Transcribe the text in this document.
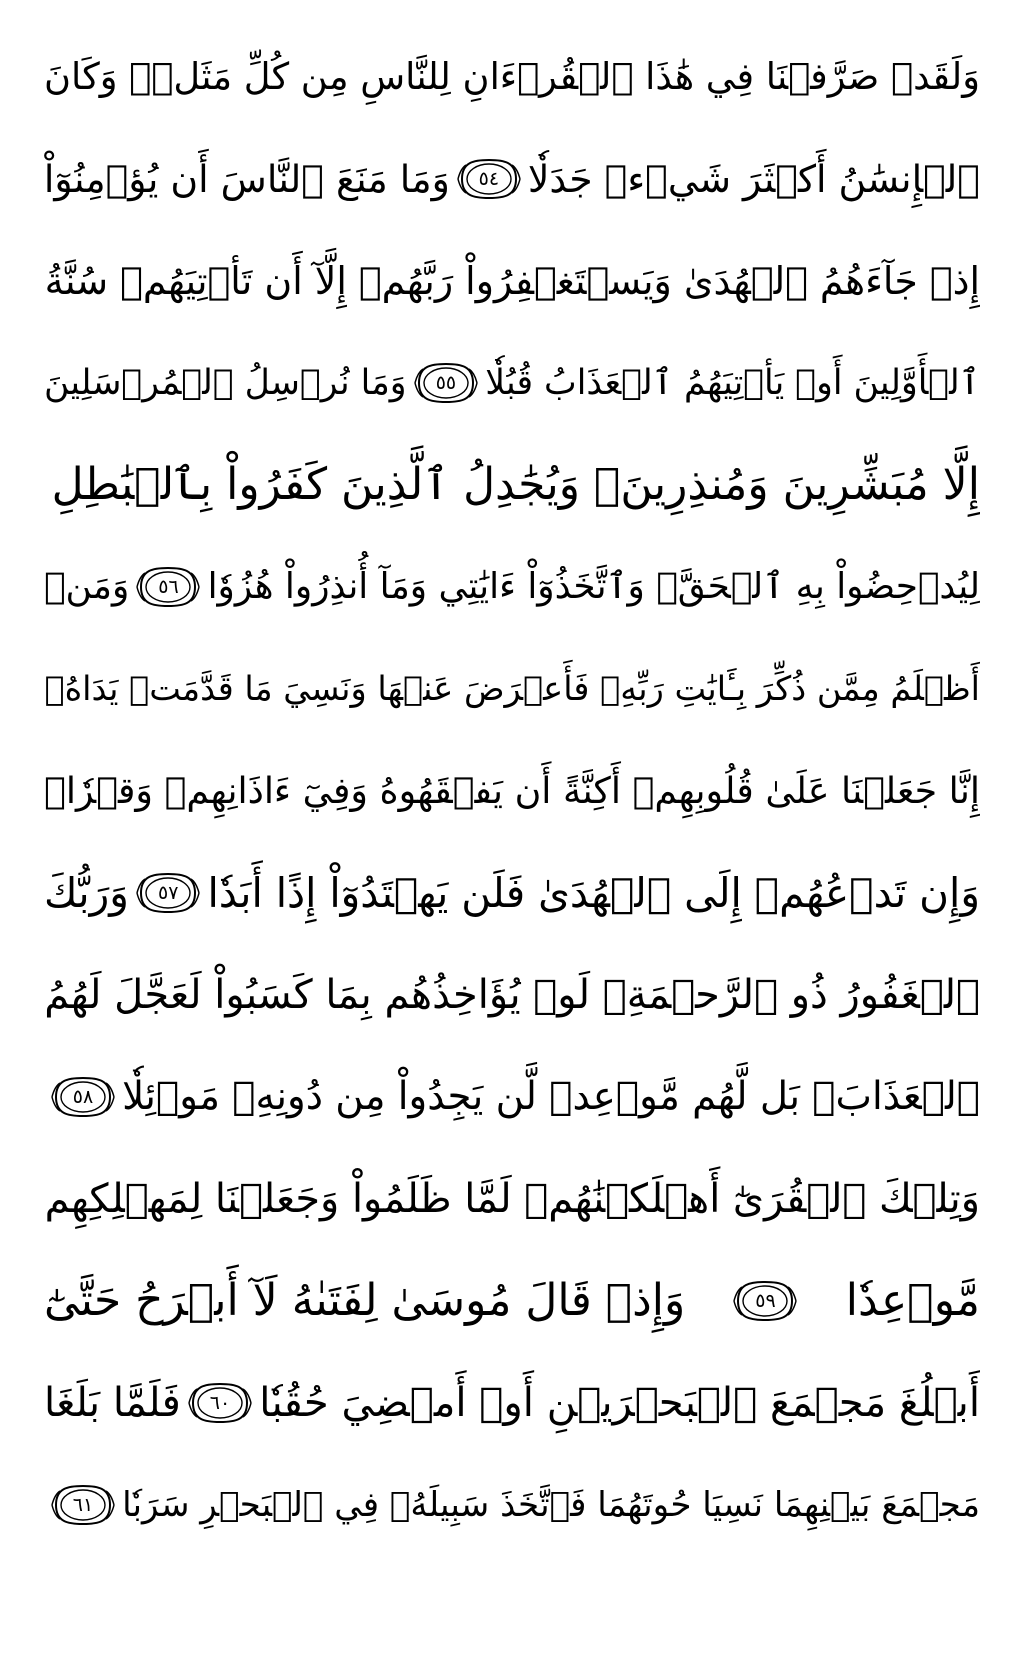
وَلَقَدۡ صَرَّفۡنَا فِي هَٰذَا ٱلۡقُرۡءَانِ لِلنَّاسِ مِن كُلِّ مَثَلٖۚ وَكَانَ
ٱلۡإِنسَٰنُ أَكۡثَرَ شَيۡءٖ جَدَلٗا
٥٤
وَمَا مَنَعَ ٱلنَّاسَ أَن يُؤۡمِنُوٓاْ
إِذۡ جَآءَهُمُ ٱلۡهُدَىٰ وَيَسۡتَغۡفِرُواْ رَبَّهُمۡ إِلَّآ أَن تَأۡتِيَهُمۡ سُنَّةُ
ٱلۡأَوَّلِينَ أَوۡ يَأۡتِيَهُمُ ٱلۡعَذَابُ قُبُلٗا
٥٥
وَمَا نُرۡسِلُ ٱلۡمُرۡسَلِينَ
إِلَّا مُبَشِّرِينَ وَمُنذِرِينَۚ وَيُجَٰدِلُ ٱلَّذِينَ كَفَرُواْ بِٱلۡبَٰطِلِ
لِيُدۡحِضُواْ بِهِ ٱلۡحَقَّۖ وَٱتَّخَذُوٓاْ ءَايَٰتِي وَمَآ أُنذِرُواْ هُزُوٗا
٥٦
وَمَنۡ
أَظۡلَمُ مِمَّن ذُكِّرَ بِـَٔايَٰتِ رَبِّهِۦ فَأَعۡرَضَ عَنۡهَا وَنَسِيَ مَا قَدَّمَتۡ يَدَاهُۚ
إِنَّا جَعَلۡنَا عَلَىٰ قُلُوبِهِمۡ أَكِنَّةً أَن يَفۡقَهُوهُ وَفِيٓ ءَاذَانِهِمۡ وَقۡرٗاۖ
وَإِن تَدۡعُهُمۡ إِلَى ٱلۡهُدَىٰ فَلَن يَهۡتَدُوٓاْ إِذًا أَبَدٗا
٥٧
وَرَبُّكَ
ٱلۡغَفُورُ ذُو ٱلرَّحۡمَةِۖ لَوۡ يُؤَاخِذُهُم بِمَا كَسَبُواْ لَعَجَّلَ لَهُمُ
ٱلۡعَذَابَۚ بَل لَّهُم مَّوۡعِدٞ لَّن يَجِدُواْ مِن دُونِهِۦ مَوۡئِلٗا
٥٨
وَتِلۡكَ ٱلۡقُرَىٰٓ أَهۡلَكۡنَٰهُمۡ لَمَّا ظَلَمُواْ وَجَعَلۡنَا لِمَهۡلِكِهِم
مَّوۡعِدٗا
٥٩
وَإِذۡ قَالَ مُوسَىٰ لِفَتَىٰهُ لَآ أَبۡرَحُ حَتَّىٰٓ
أَبۡلُغَ مَجۡمَعَ ٱلۡبَحۡرَيۡنِ أَوۡ أَمۡضِيَ حُقُبٗا
٦٠
فَلَمَّا بَلَغَا
مَجۡمَعَ بَيۡنِهِمَا نَسِيَا حُوتَهُمَا فَٱتَّخَذَ سَبِيلَهُۥ فِي ٱلۡبَحۡرِ سَرَبٗا
٦١
